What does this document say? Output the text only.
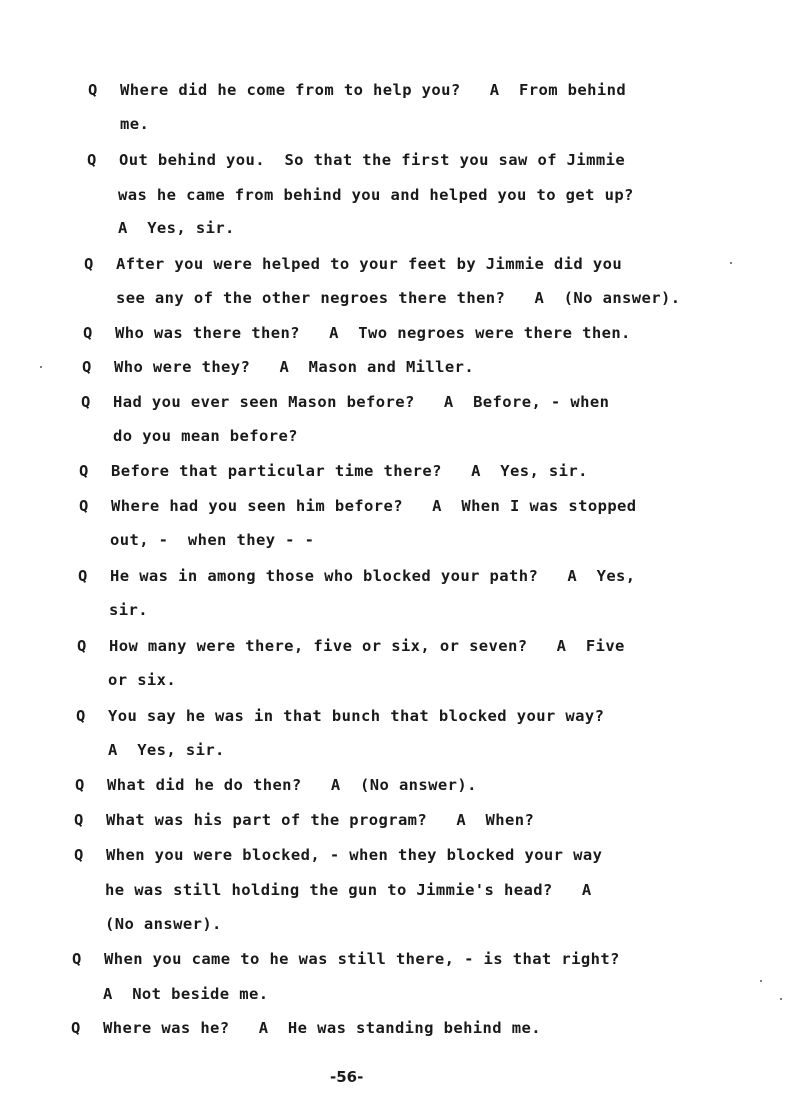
Q Where did he come from to help you?   A  From behind
me.
Q Out behind you.  So that the first you saw of Jimmie
was he came from behind you and helped you to get up?
A  Yes, sir.
Q After you were helped to your feet by Jimmie did you
see any of the other negroes there then?   A  (No answer).
Q Who was there then?   A  Two negroes were there then.
Q Who were they?   A  Mason and Miller.
Q Had you ever seen Mason before?   A  Before, - when
do you mean before?
Q Before that particular time there?   A  Yes, sir.
Q Where had you seen him before?   A  When I was stopped
out, -  when they - -
Q He was in among those who blocked your path?   A  Yes,
sir.
Q How many were there, five or six, or seven?   A  Five
or six.
Q You say he was in that bunch that blocked your way?
A  Yes, sir.
Q What did he do then?   A  (No answer).
Q What was his part of the program?   A  When?
Q When you were blocked, - when they blocked your way
he was still holding the gun to Jimmie's head?   A
(No answer).
Q When you came to he was still there, - is that right?
A  Not beside me.
Q Where was he?   A  He was standing behind me.
-56-
